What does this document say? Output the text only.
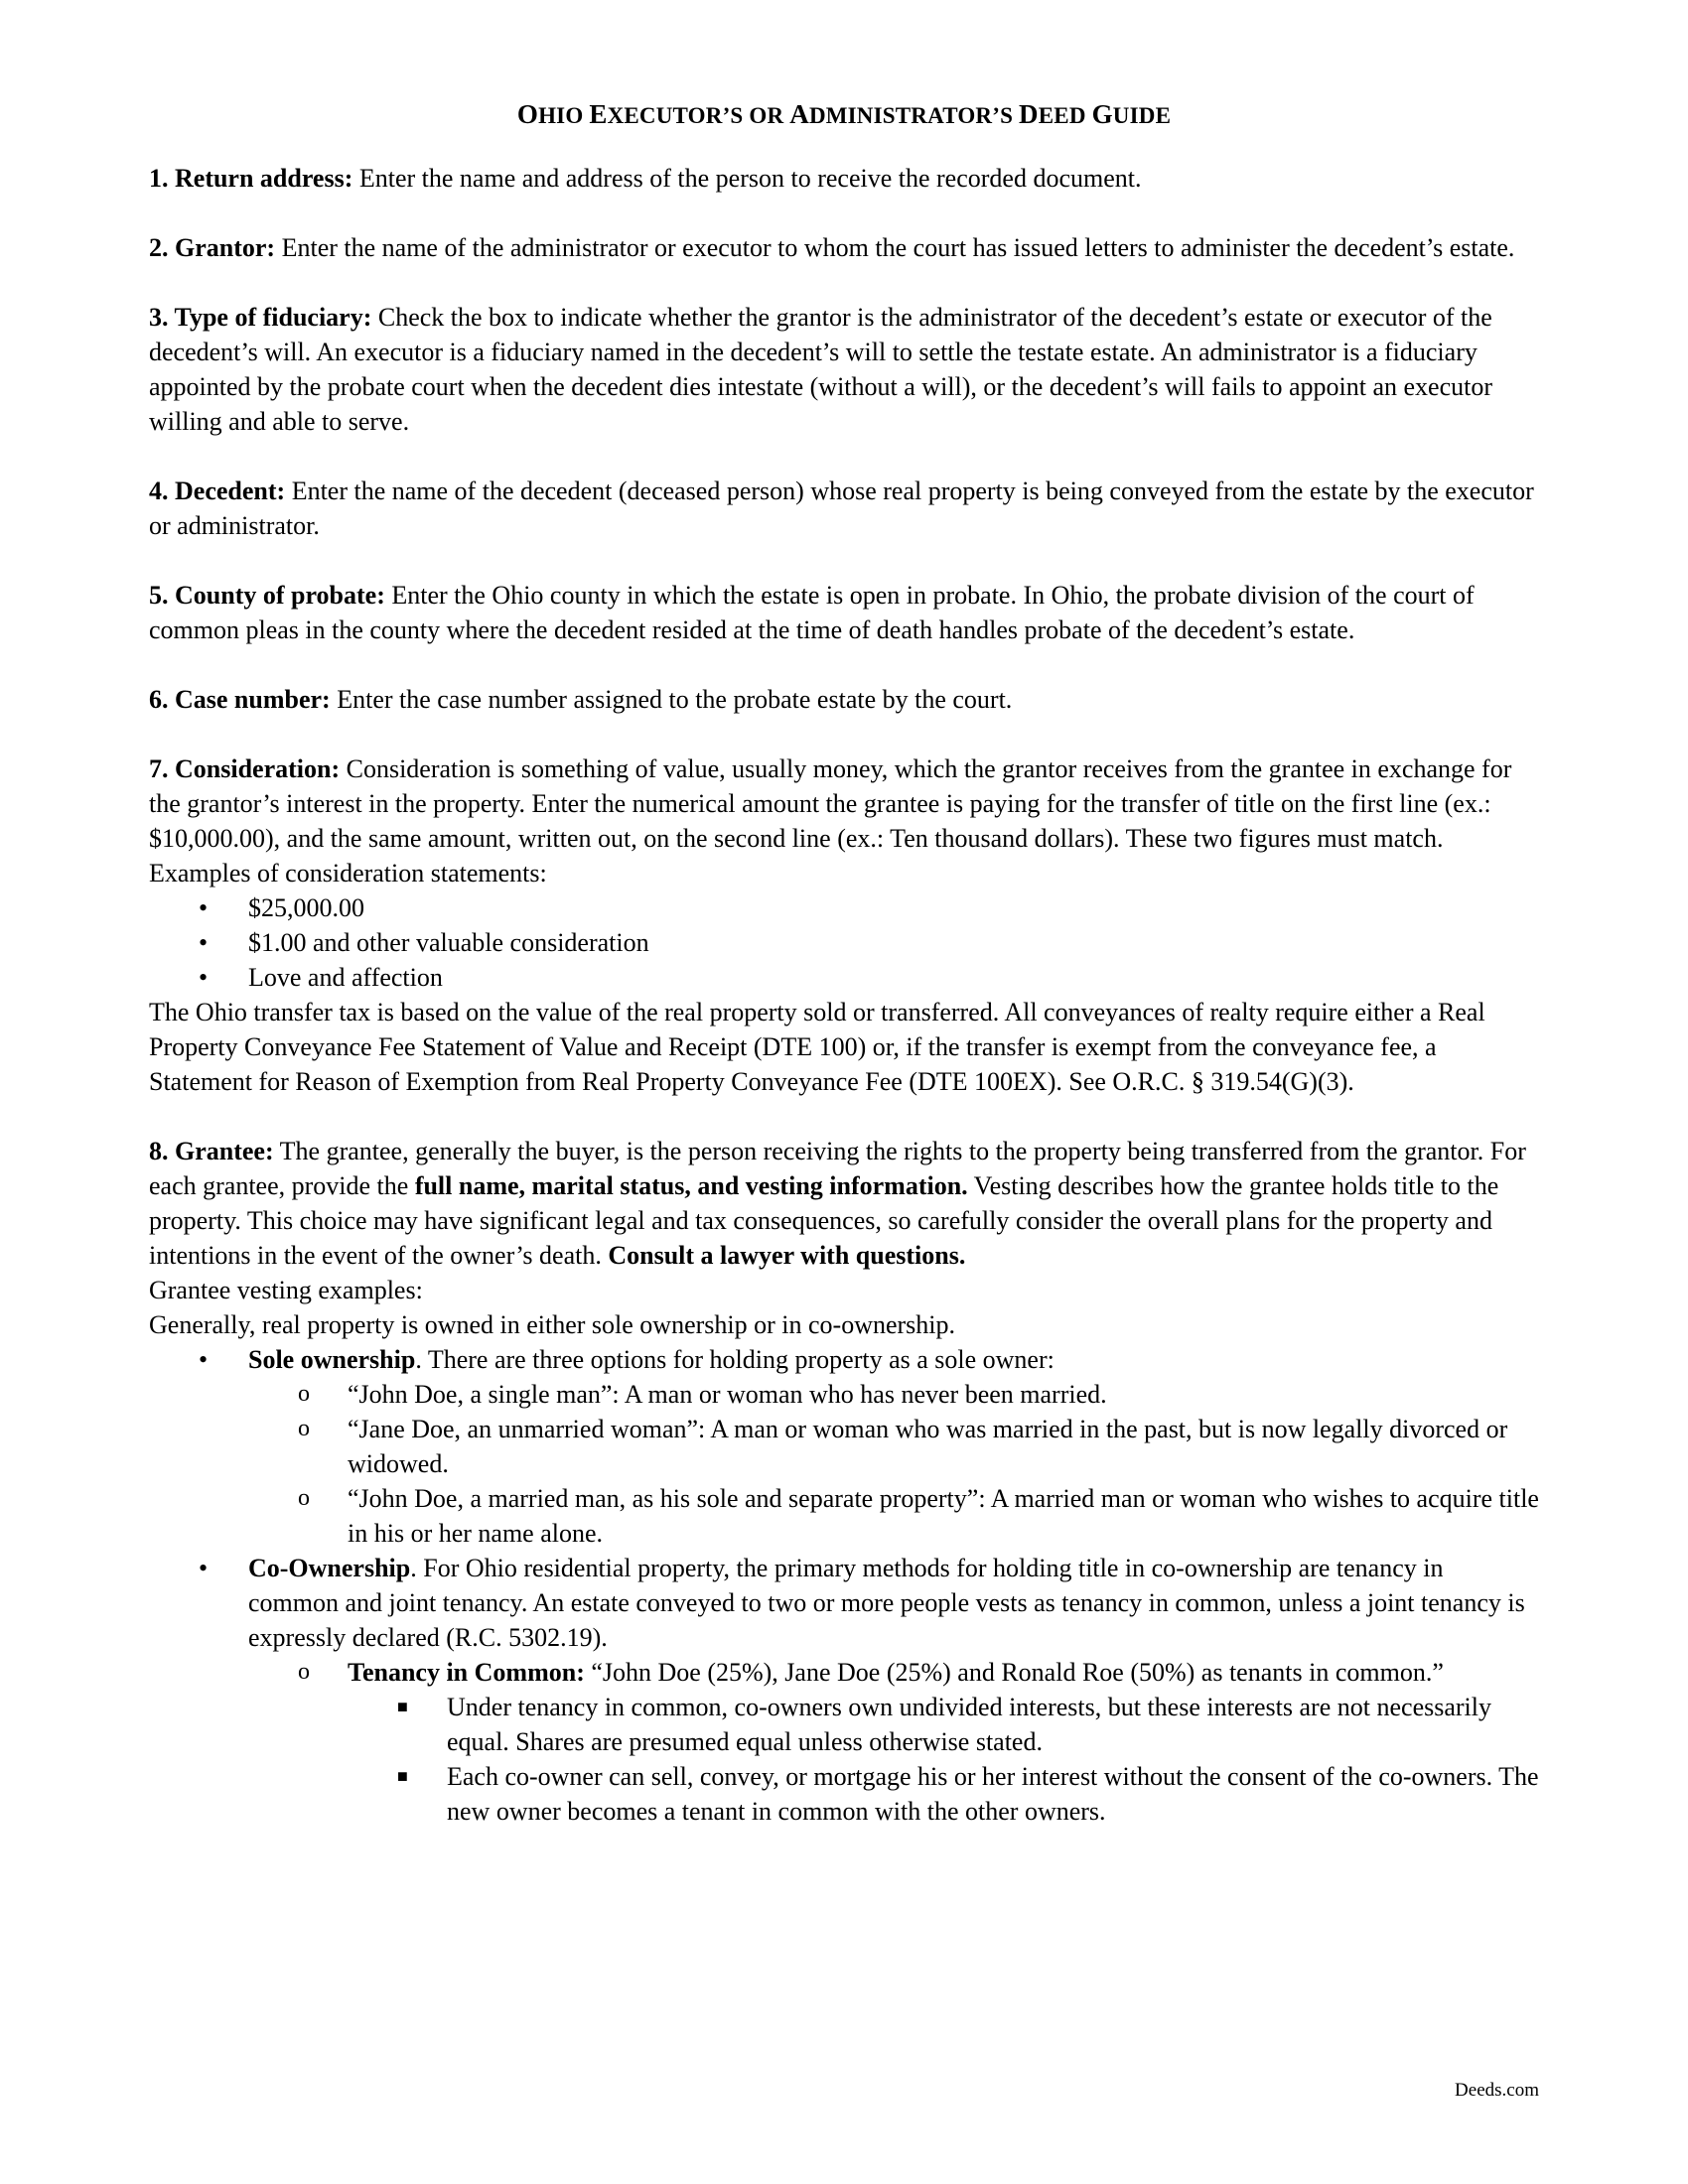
OHIO EXECUTOR’S OR ADMINISTRATOR’S DEED GUIDE

1. Return address: Enter the name and address of the person to receive the recorded document.

2. Grantor: Enter the name of the administrator or executor to whom the court has issued letters to administer the decedent’s estate.

3. Type of fiduciary: Check the box to indicate whether the grantor is the administrator of the decedent’s estate or executor of the decedent’s will. An executor is a fiduciary named in the decedent’s will to settle the testate estate. An administrator is a fiduciary appointed by the probate court when the decedent dies intestate (without a will), or the decedent’s will fails to appoint an executor willing and able to serve.

4. Decedent: Enter the name of the decedent (deceased person) whose real property is being conveyed from the estate by the executor or administrator.

5. County of probate: Enter the Ohio county in which the estate is open in probate. In Ohio, the probate division of the court of common pleas in the county where the decedent resided at the time of death handles probate of the decedent’s estate.

6. Case number: Enter the case number assigned to the probate estate by the court.

7. Consideration: Consideration is something of value, usually money, which the grantor receives from the grantee in exchange for the grantor’s interest in the property. Enter the numerical amount the grantee is paying for the transfer of title on the first line (ex.: $10,000.00), and the same amount, written out, on the second line (ex.: Ten thousand dollars). These two figures must match.

Examples of consideration statements:

• $25,000.00
• $1.00 and other valuable consideration
• Love and affection

The Ohio transfer tax is based on the value of the real property sold or transferred. All conveyances of realty require either a Real Property Conveyance Fee Statement of Value and Receipt (DTE 100) or, if the transfer is exempt from the conveyance fee, a Statement for Reason of Exemption from Real Property Conveyance Fee (DTE 100EX). See O.R.C. § 319.54(G)(3).

8. Grantee: The grantee, generally the buyer, is the person receiving the rights to the property being transferred from the grantor. For each grantee, provide the full name, marital status, and vesting information. Vesting describes how the grantee holds title to the property. This choice may have significant legal and tax consequences, so carefully consider the overall plans for the property and intentions in the event of the owner’s death. Consult a lawyer with questions.

Grantee vesting examples:

Generally, real property is owned in either sole ownership or in co-ownership.

• Sole ownership. There are three options for holding property as a sole owner:
o “John Doe, a single man”: A man or woman who has never been married.
o “Jane Doe, an unmarried woman”: A man or woman who was married in the past, but is now legally divorced or widowed.
o “John Doe, a married man, as his sole and separate property”: A married man or woman who wishes to acquire title in his or her name alone.
• Co-Ownership. For Ohio residential property, the primary methods for holding title in co-ownership are tenancy in common and joint tenancy. An estate conveyed to two or more people vests as tenancy in common, unless a joint tenancy is expressly declared (R.C. 5302.19).
o Tenancy in Common: “John Doe (25%), Jane Doe (25%) and Ronald Roe (50%) as tenants in common.”
■ Under tenancy in common, co-owners own undivided interests, but these interests are not necessarily equal. Shares are presumed equal unless otherwise stated.
■ Each co-owner can sell, convey, or mortgage his or her interest without the consent of the co-owners. The new owner becomes a tenant in common with the other owners.
Deeds.com
